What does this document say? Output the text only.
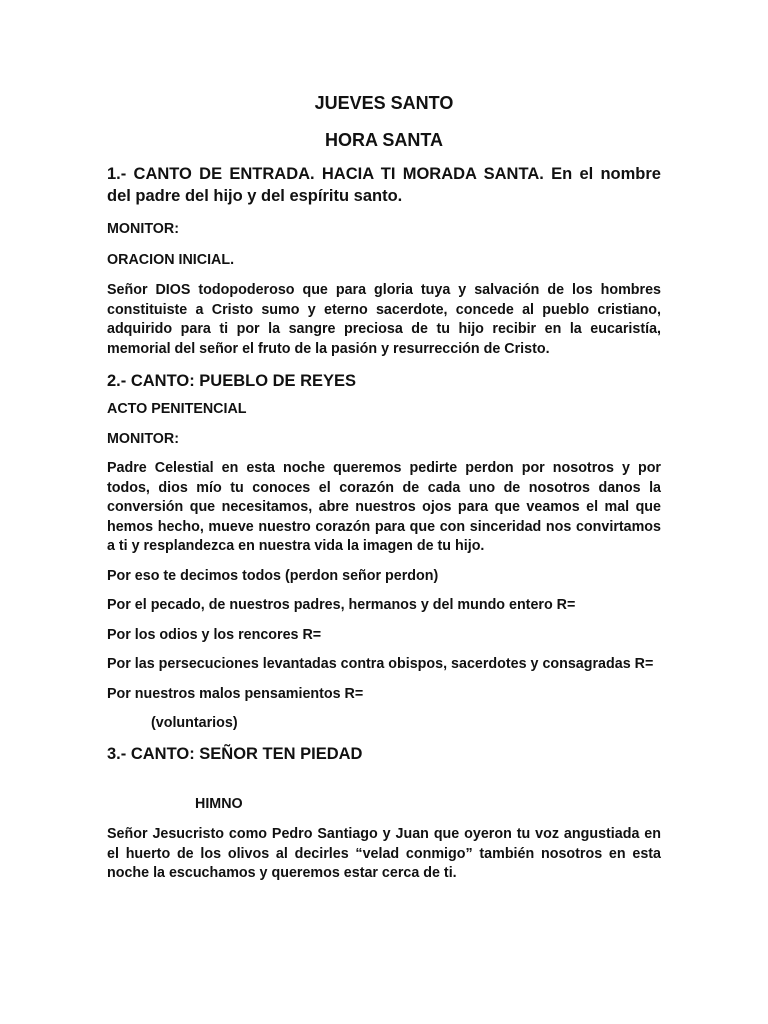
JUEVES SANTO

HORA SANTA

1.- CANTO DE ENTRADA. HACIA TI MORADA SANTA. En el nombre del padre del hijo y del espíritu santo.

MONITOR:

ORACION INICIAL.

Señor DIOS todopoderoso que para gloria tuya y salvación de los hombres constituiste a Cristo sumo y eterno sacerdote, concede al pueblo cristiano, adquirido para ti por la sangre preciosa de tu hijo recibir en la eucaristía, memorial del señor el fruto de la pasión y resurrección de Cristo.

2.- CANTO: PUEBLO DE REYES

ACTO PENITENCIAL

MONITOR:

Padre Celestial en esta noche queremos pedirte perdon por nosotros y por todos, dios mío tu conoces el corazón de cada uno de nosotros danos la conversión que necesitamos, abre nuestros ojos para que veamos el mal que hemos hecho, mueve nuestro corazón para que con sinceridad nos convirtamos a ti y resplandezca en nuestra vida la imagen de tu hijo.

Por eso te decimos todos (perdon señor perdon)

Por el pecado, de nuestros padres, hermanos y del mundo entero R=

Por los odios y los rencores R=

Por las persecuciones levantadas contra obispos, sacerdotes y consagradas R=

Por nuestros malos pensamientos R=

(voluntarios)

3.- CANTO: SEÑOR TEN PIEDAD

HIMNO

Señor Jesucristo como Pedro Santiago y Juan que oyeron tu voz angustiada en el huerto de los olivos al decirles “velad conmigo” también nosotros en esta noche la escuchamos y queremos estar cerca de ti.
